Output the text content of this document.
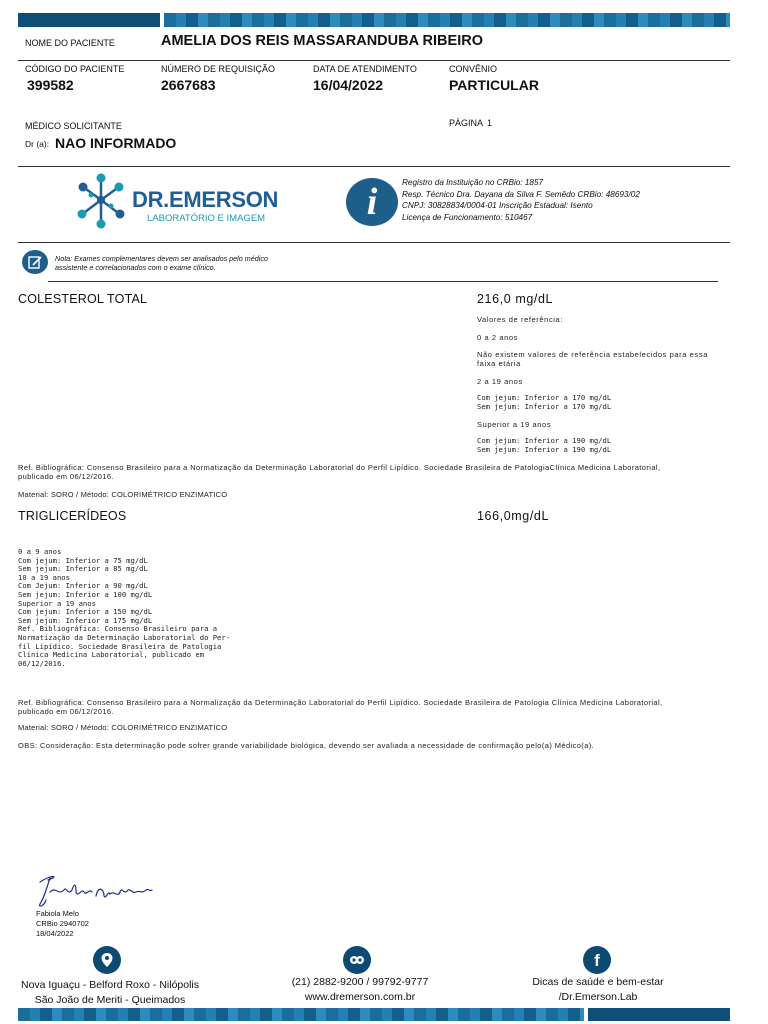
NOME DO PACIENTE	AMELIA DOS REIS MASSARANDUBA RIBEIRO
CÓDIGO DO PACIENTE
399582
NÚMERO DE REQUISIÇÃO
2667683
DATA DE ATENDIMENTO
16/04/2022
CONVÊNIO
PARTICULAR
MÉDICO SOLICITANTE
Dr (a): NAO INFORMADO
PÁGINA 1
DR.EMERSON
LABORATÓRIO E IMAGEM	i	Registro da Instituição no CRBio: 1857
Resp. Técnico Dra. Dayana da Silva F. Semêdo CRBio: 48693/02
CNPJ: 30828834/0004-01 Inscrição Estadual: Isento
Licença de Funcionamento: 510467
Nota: Exames complementares devem ser analisados pelo médico
assistente e correlacionados com o exame clínico.
COLESTEROL TOTAL	216,0 mg/dL
Valores de referência:
0 a 2 anos
Não existem valores de referência estabelecidos para essa
faixa etária
2 a 19 anos
Com jejum: Inferior a 170 mg/dL
Sem jejum: Inferior a 170 mg/dL
Superior a 19 anos
Com jejum: Inferior a 190 mg/dL
Sem jejum: Inferior a 190 mg/dL
Ref. Bibliográfica: Consenso Brasileiro para a Normatização da Determinação Laboratorial do Perfil Lipídico. Sociedade Brasileira de PatologiaClínica Medicina Laboratorial,
publicado em 06/12/2016.
Material: SORO / Método: COLORIMÉTRICO ENZIMATICO
TRIGLICERÍDEOS	166,0mg/dL
0 a 9 anos
Com jejum: Inferior a 75 mg/dL
Sem jejum: Inferior a 85 mg/dL
10 a 19 anos
Com Jejum: Inferior a 90 mg/dL
Sem jejum: Inferior a 100 mg/dL
Superior a 19 anos
Com jejum: Inferior a 150 mg/dL
Sem jejum: Inferior a 175 mg/dL
Ref. Bibliográfica: Consenso Brasileiro para a
Normatização da Determinação Laboratorial do Per-
fil Lipídico. Sociedade Brasileira de Patologia
Clínica Medicina Laboratorial, publicado em
06/12/2016.
Ref. Bibliográfica: Consenso Brasileiro para a Normalização da Determinação Laboratorial do Perfil Lipídico. Sociedade Brasileira de Patologia Clínica Medicina Laboratorial,
publicado em 06/12/2016.
Material: SORO / Método: COLORIMÉTRICO ENZIMATICO
OBS: Consideração: Esta determinação pode sofrer grande variabilidade biológica, devendo ser avaliada a necessidade de confirmação pelo(a) Médico(a).
Fabiola Melo
CRBio 2940702
18/04/2022
f
Nova Iguaçu - Belford Roxo - Nilópolis
São João de Meriti - Queimados
(21) 2882-9200 / 99792-9777
www.dremerson.com.br
Dicas de saúde e bem-estar
/Dr.Emerson.Lab
